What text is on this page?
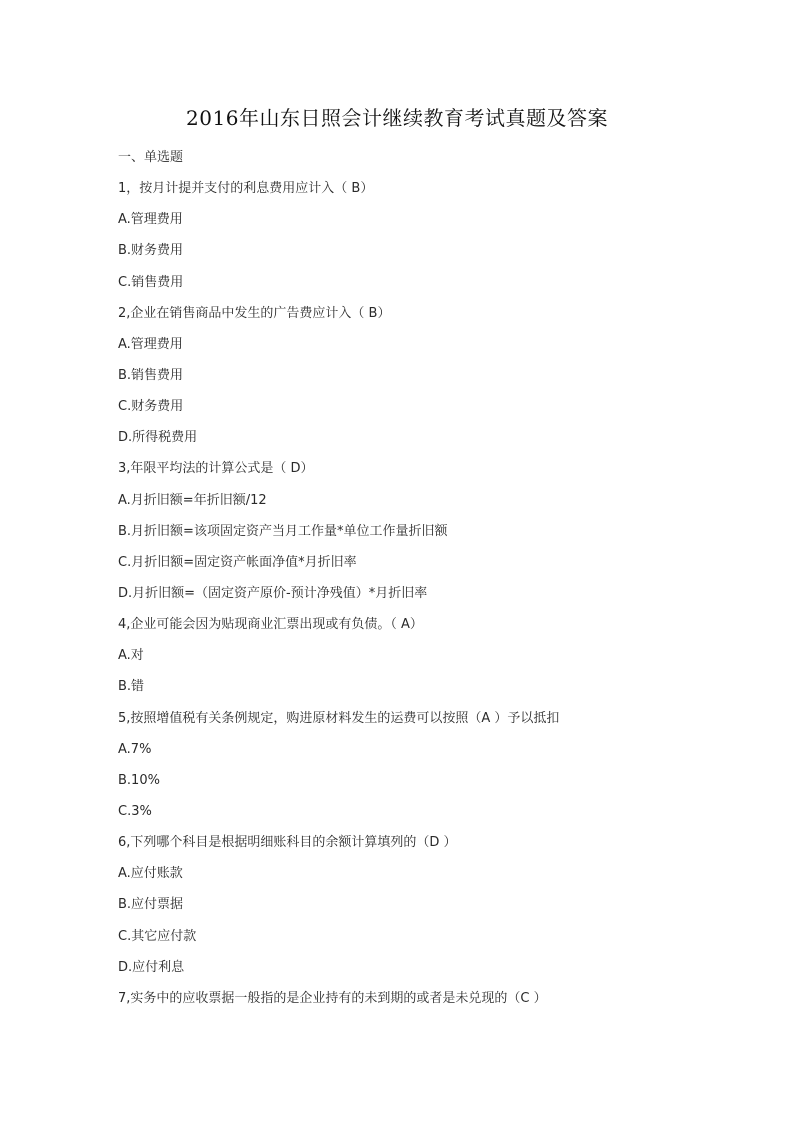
2016年山东日照会计继续教育考试真题及答案
一、单选题
1，按月计提并支付的利息费用应计入（ B）
A.管理费用
B.财务费用
C.销售费用
2,企业在销售商品中发生的广告费应计入（ B）
A.管理费用
B.销售费用
C.财务费用
D.所得税费用
3,年限平均法的计算公式是（ D）
A.月折旧额=年折旧额/12
B.月折旧额=该项固定资产当月工作量*单位工作量折旧额
C.月折旧额=固定资产帐面净值*月折旧率
D.月折旧额=（固定资产原价-预计净残值）*月折旧率
4,企业可能会因为贴现商业汇票出现或有负债。（ A）
A.对
B.错
5,按照增值税有关条例规定，购进原材料发生的运费可以按照（A ）予以抵扣
A.7%
B.10%
C.3%
6,下列哪个科目是根据明细账科目的余额计算填列的（D ）
A.应付账款
B.应付票据
C.其它应付款
D.应付利息
7,实务中的应收票据一般指的是企业持有的未到期的或者是未兑现的（C ）
